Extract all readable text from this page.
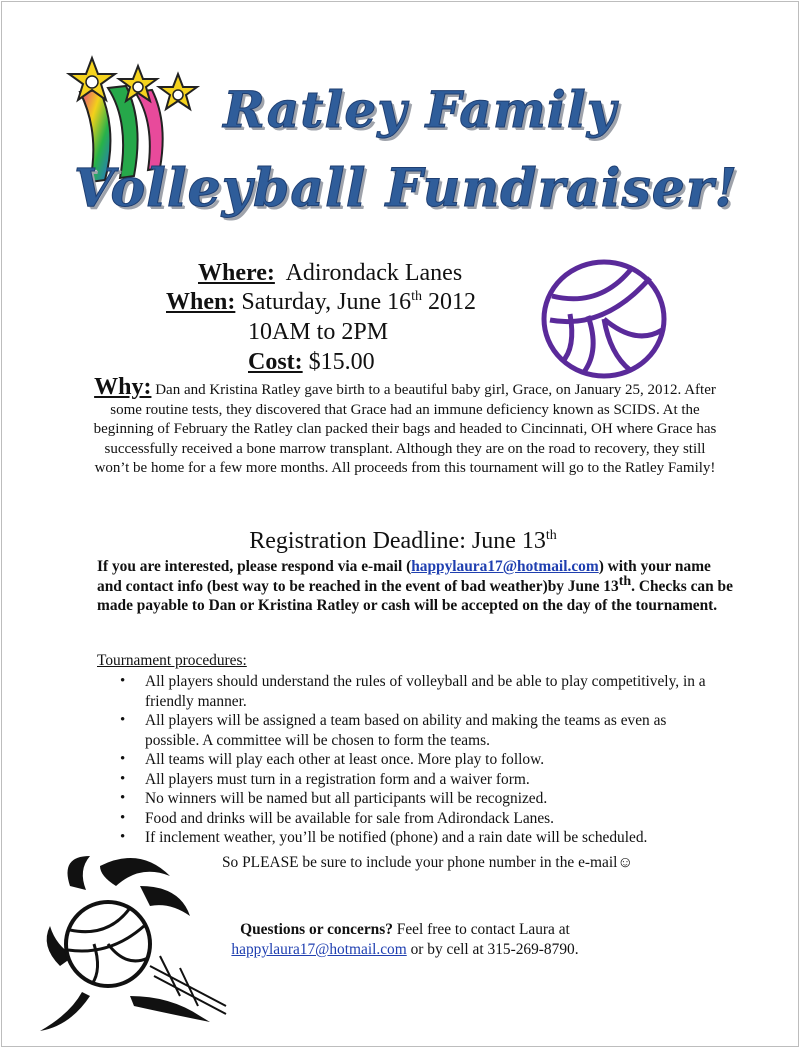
Ratley Family
Volleyball Fundraiser!
Where: Adirondack Lanes
When: Saturday, June 16th 2012
10AM to 2PM
Cost: $15.00
Why: Dan and Kristina Ratley gave birth to a beautiful baby girl, Grace, on January 25, 2012. After some routine tests, they discovered that Grace had an immune deficiency known as SCIDS. At the beginning of February the Ratley clan packed their bags and headed to Cincinnati, OH where Grace has successfully received a bone marrow transplant. Although they are on the road to recovery, they still won’t be home for a few more months. All proceeds from this tournament will go to the Ratley Family!
Registration Deadline: June 13th
If you are interested, please respond via e-mail (happylaura17@hotmail.com) with your name and contact info (best way to be reached in the event of bad weather)by June 13th. Checks can be made payable to Dan or Kristina Ratley or cash will be accepted on the day of the tournament.
Tournament procedures:
• All players should understand the rules of volleyball and be able to play competitively, in a friendly manner.
• All players will be assigned a team based on ability and making the teams as even as possible. A committee will be chosen to form the teams.
• All teams will play each other at least once. More play to follow.
• All players must turn in a registration form and a waiver form.
• No winners will be named but all participants will be recognized.
• Food and drinks will be available for sale from Adirondack Lanes.
• If inclement weather, you’ll be notified (phone) and a rain date will be scheduled.
So PLEASE be sure to include your phone number in the e-mail☺
Questions or concerns? Feel free to contact Laura at
happylaura17@hotmail.com or by cell at 315-269-8790.
